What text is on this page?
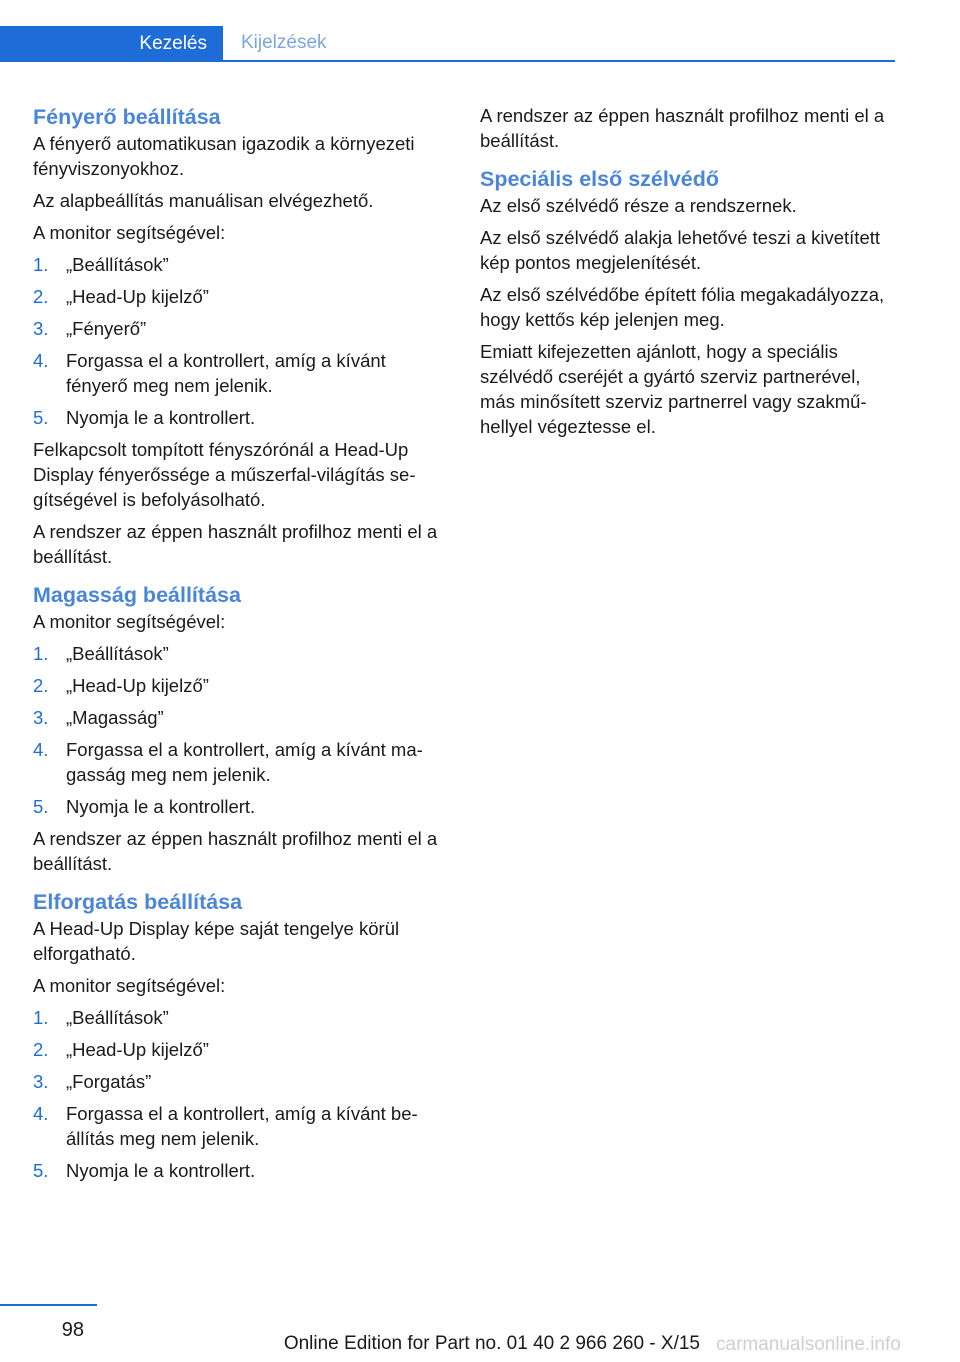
Kezelés Kijelzések
Fényerő beállítása

A fényerő automatikusan igazodik a környezeti fényviszonyokhoz.

Az alapbeállítás manuálisan elvégezhető.

A monitor segítségével:

1. „Beállítások”
2. „Head-Up kijelző”
3. „Fényerő”
4. Forgassa el a kontrollert, amíg a kívánt fényerő meg nem jelenik.
5. Nyomja le a kontrollert.

Felkapcsolt tompított fényszórónál a Head-Up Display fényerőssége a műszerfal-világítás segítségével is befolyásolható.

A rendszer az éppen használt profilhoz menti el a beállítást.

Magasság beállítása

A monitor segítségével:

1. „Beállítások”
2. „Head-Up kijelző”
3. „Magasság”
4. Forgassa el a kontrollert, amíg a kívánt magasság meg nem jelenik.
5. Nyomja le a kontrollert.

A rendszer az éppen használt profilhoz menti el a beállítást.

Elforgatás beállítása

A Head-Up Display képe saját tengelye körül elforgatható.

A monitor segítségével:

1. „Beállítások”
2. „Head-Up kijelző”
3. „Forgatás”
4. Forgassa el a kontrollert, amíg a kívánt beállítás meg nem jelenik.
5. Nyomja le a kontrollert.

A rendszer az éppen használt profilhoz menti el a beállítást.

Speciális első szélvédő

Az első szélvédő része a rendszernek.

Az első szélvédő alakja lehetővé teszi a kivetített kép pontos megjelenítését.

Az első szélvédőbe épített fólia megakadályozza, hogy kettős kép jelenjen meg.

Emiatt kifejezetten ajánlott, hogy a speciális szélvédő cseréjét a gyártó szerviz partnerével, más minősített szerviz partnerrel vagy szakműhellyel végeztesse el.

98
Online Edition for Part no. 01 40 2 966 260 - X/15 carmanualsonline.info
